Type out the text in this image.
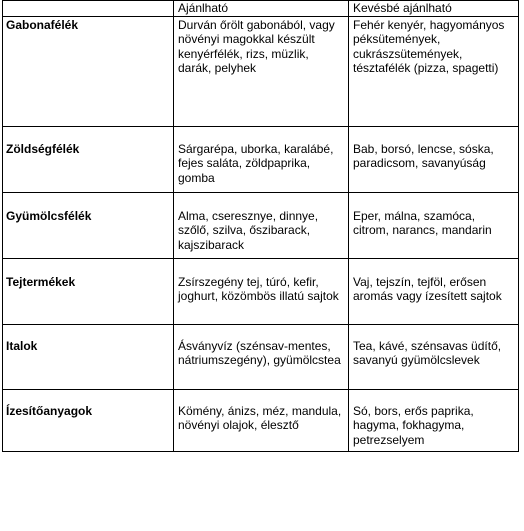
	Ajánlható	Kevésbé ajánlható
Gabonafélék	Durván őrölt gabonából, vagy növényi magokkal készült kenyérfélék, rizs, müzlik, darák, pelyhek	Fehér kenyér, hagyományos péksütemények, cukrászsütemények, tésztafélék (pizza, spagetti)
Zöldségfélék	Sárgarépa, uborka, karalábé, fejes saláta, zöldpaprika, gomba	Bab, borsó, lencse, sóska, paradicsom, savanyúság
Gyümölcsfélék	Alma, cseresznye, dinnye, szőlő, szilva, őszibarack, kajszibarack	Eper, málna, szamóca, citrom, narancs, mandarin
Tejtermékek	Zsírszegény tej, túró, kefir, joghurt, közömbös illatú sajtok	Vaj, tejszín, tejföl, erősen aromás vagy ízesített sajtok
Italok	Ásványvíz (szénsav-mentes, nátriumszegény), gyümölcstea	Tea, kávé, szénsavas üdítő, savanyú gyümölcslevek
Ízesítőanyagok	Kömény, ánizs, méz, mandula, növényi olajok, élesztő	Só, bors, erős paprika, hagyma, fokhagyma, petrezselyem
